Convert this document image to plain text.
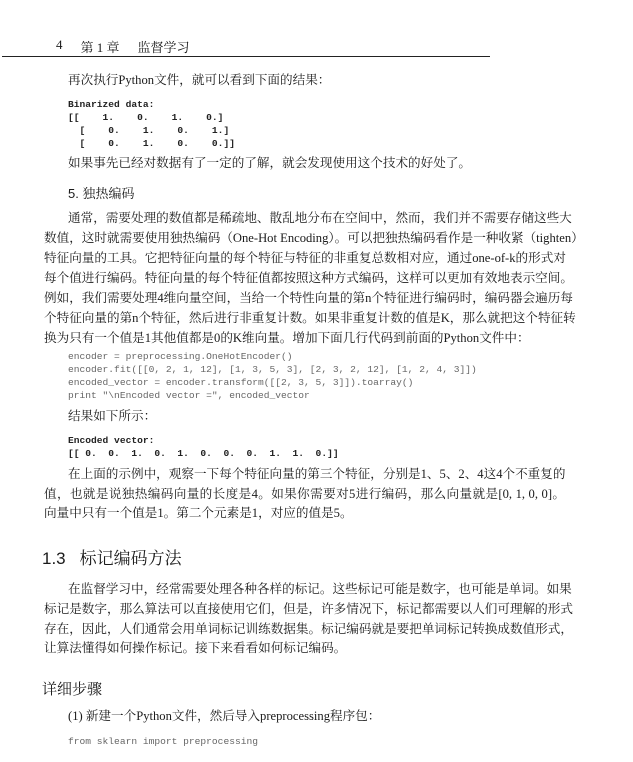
4 第 1 章 监督学习
再次执行Python文件，就可以看到下面的结果：
Binarized data:
[[    1.    0.    1.    0.]
[    0.    1.    0.    1.]
[    0.    1.    0.    0.]]
如果事先已经对数据有了一定的了解，就会发现使用这个技术的好处了。
5. 独热编码
通常，需要处理的数值都是稀疏地、散乱地分布在空间中，然而，我们并不需要存储这些大
数值，这时就需要使用独热编码（One-Hot Encoding）。可以把独热编码看作是一种收紧（tighten）
特征向量的工具。它把特征向量的每个特征与特征的非重复总数相对应，通过one-of-k的形式对
每个值进行编码。特征向量的每个特征值都按照这种方式编码，这样可以更加有效地表示空间。
例如，我们需要处理4维向量空间，当给一个特性向量的第n个特征进行编码时，编码器会遍历每
个特征向量的第n个特征，然后进行非重复计数。如果非重复计数的值是K，那么就把这个特征转
换为只有一个值是1其他值都是0的K维向量。增加下面几行代码到前面的Python文件中：
encoder = preprocessing.OneHotEncoder()
encoder.fit([[0, 2, 1, 12], [1, 3, 5, 3], [2, 3, 2, 12], [1, 2, 4, 3]])
encoded_vector = encoder.transform([[2, 3, 5, 3]]).toarray()
print "\nEncoded vector =", encoded_vector
结果如下所示：
Encoded vector:
[[ 0.  0.  1.  0.  1.  0.  0.  0.  1.  1.  0.]]
在上面的示例中，观察一下每个特征向量的第三个特征，分别是1、5、2、4这4个不重复的
值，也就是说独热编码向量的长度是4。如果你需要对5进行编码，那么向量就是[0, 1, 0, 0]。
向量中只有一个值是1。第二个元素是1，对应的值是5。
1.3 标记编码方法
在监督学习中，经常需要处理各种各样的标记。这些标记可能是数字，也可能是单词。如果
标记是数字，那么算法可以直接使用它们，但是，许多情况下，标记都需要以人们可理解的形式
存在，因此，人们通常会用单词标记训练数据集。标记编码就是要把单词标记转换成数值形式，
让算法懂得如何操作标记。接下来看看如何标记编码。
详细步骤
(1) 新建一个Python文件，然后导入preprocessing程序包：
from sklearn import preprocessing
